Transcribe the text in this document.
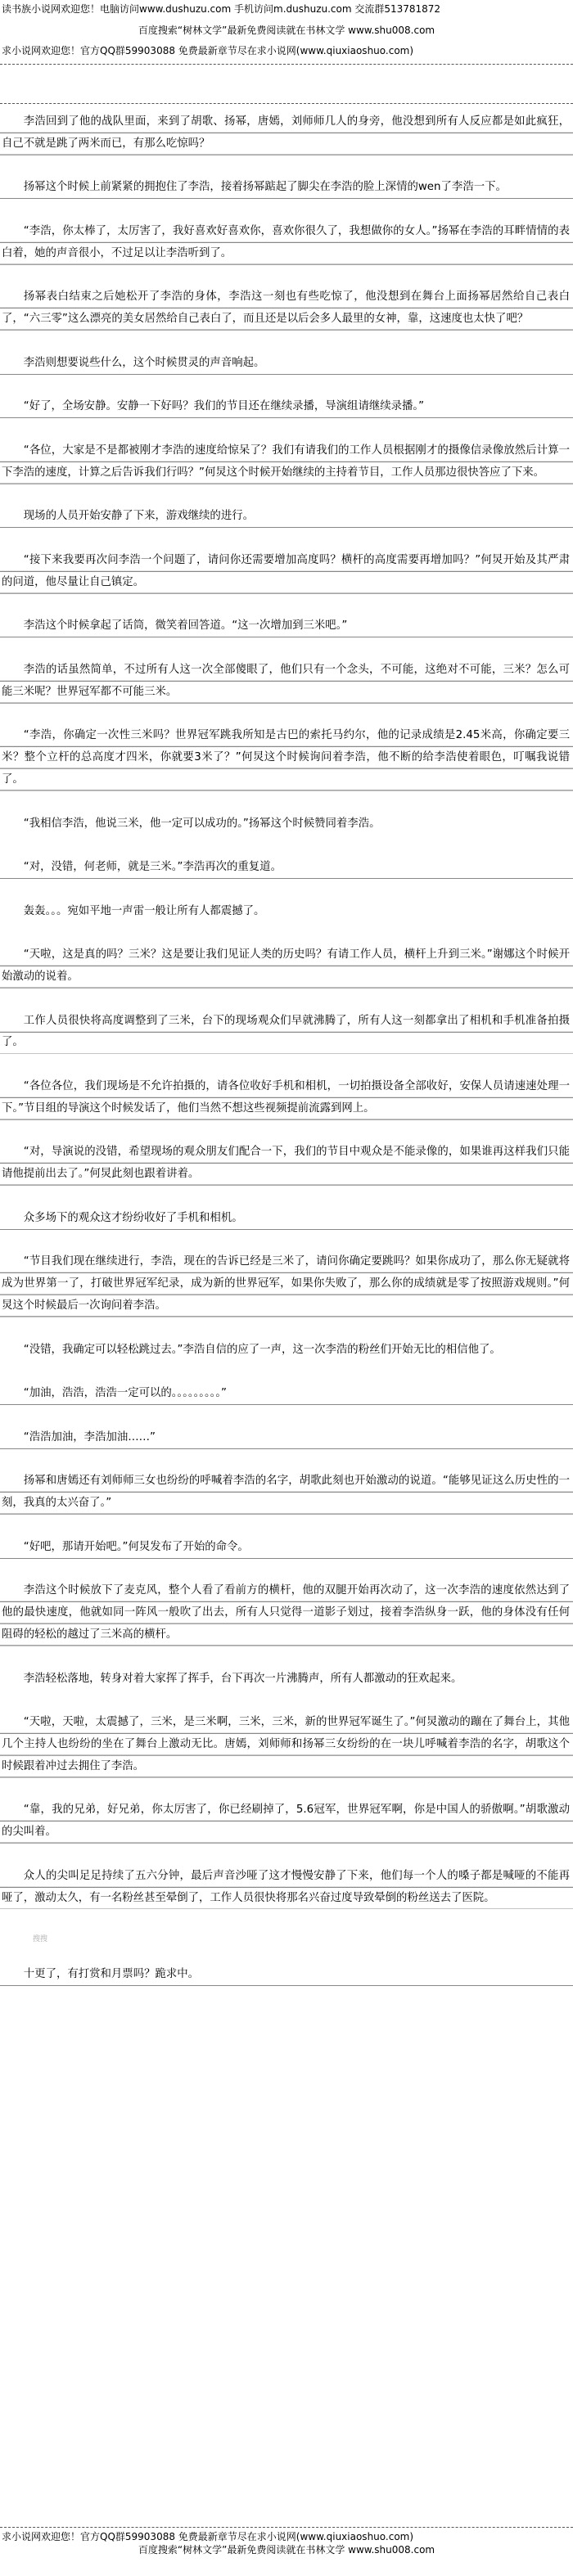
读书族小说网欢迎您！电脑访问www.dushuzu.com 手机访问m.dushuzu.com 交流群513781872
百度搜索“树林文学”最新免费阅读就在书林文学 www.shu008.com
求小说网欢迎您！官方QQ群59903088 免费最新章节尽在求小说网(www.qiuxiaoshuo.com)

李浩回到了他的战队里面，来到了胡歌、扬幂，唐嫣，刘师师几人的身旁，他没想到所有人反应都是如此疯狂，自己不就是跳了两米而已，有那么吃惊吗？

扬幂这个时候上前紧紧的拥抱住了李浩，接着扬幂踮起了脚尖在李浩的脸上深情的wen了李浩一下。

“李浩，你太棒了，太厉害了，我好喜欢好喜欢你，喜欢你很久了，我想做你的女人。”扬幂在李浩的耳畔情情的表白着，她的声音很小，不过足以让李浩听到了。

扬幂表白结束之后她松开了李浩的身体，李浩这一刻也有些吃惊了，他没想到在舞台上面扬幂居然给自己表白了，“六三零”这么漂亮的美女居然给自己表白了，而且还是以后会多人最里的女神，靠，这速度也太快了吧？

李浩则想要说些什么，这个时候贯灵的声音响起。

“好了，全场安静。安静一下好吗？我们的节目还在继续录播，导演组请继续录播。”

“各位，大家是不是都被刚才李浩的速度给惊呆了？我们有请我们的工作人员根据刚才的摄像信录像放然后计算一下李浩的速度，计算之后告诉我们行吗？”何炅这个时候开始继续的主持着节目，工作人员那边很快答应了下来。

现场的人员开始安静了下来，游戏继续的进行。

“接下来我要再次问李浩一个问题了，请问你还需要增加高度吗？横杆的高度需要再增加吗？”何炅开始及其严肃的问道，他尽量让自己镇定。

李浩这个时候拿起了话筒，微笑着回答道。“这一次增加到三米吧。”

李浩的话虽然简单，不过所有人这一次全部傻眼了，他们只有一个念头，不可能，这绝对不可能，三米？怎么可能三米呢？世界冠军都不可能三米。

“李浩，你确定一次性三米吗？世界冠军跳我所知是古巴的索托马约尔，他的记录成绩是2.45米高，你确定要三米？整个立杆的总高度才四米，你就要3米了？”何炅这个时候询问着李浩，他不断的给李浩使着眼色，叮嘱我说错了。

“我相信李浩，他说三米，他一定可以成功的。”扬幂这个时候赞同着李浩。

“对，没错，何老师，就是三米。”李浩再次的重复道。

轰轰。。。宛如平地一声雷一般让所有人都震撼了。

“天啦，这是真的吗？三米？这是要让我们见证人类的历史吗？有请工作人员，横杆上升到三米。”谢娜这个时候开始激动的说着。

工作人员很快将高度调整到了三米，台下的现场观众们早就沸腾了，所有人这一刻都拿出了相机和手机准备拍摄了。

“各位各位，我们现场是不允许拍摄的，请各位收好手机和相机，一切拍摄设备全部收好，安保人员请速速处理一下。”节目组的导演这个时候发话了，他们当然不想这些视频提前流露到网上。

“对，导演说的没错，希望现场的观众朋友们配合一下，我们的节目中观众是不能录像的，如果谁再这样我们只能请他提前出去了。”何炅此刻也跟着讲着。

众多场下的观众这才纷纷收好了手机和相机。

“节目我们现在继续进行，李浩，现在的告诉已经是三米了，请问你确定要跳吗？如果你成功了，那么你无疑就将成为世界第一了，打破世界冠军纪录，成为新的世界冠军，如果你失败了，那么你的成绩就是零了按照游戏规则。”何炅这个时候最后一次询问着李浩。

“没错，我确定可以轻松跳过去。”李浩自信的应了一声，这一次李浩的粉丝们开始无比的相信他了。

“加油，浩浩，浩浩一定可以的。。。。。。。。。”

“浩浩加油，李浩加油……”

扬幂和唐嫣还有刘师师三女也纷纷的呼喊着李浩的名字，胡歌此刻也开始激动的说道。“能够见证这么历史性的一刻，我真的太兴奋了。”

“好吧，那请开始吧。”何炅发布了开始的命令。

李浩这个时候放下了麦克风，整个人看了看前方的横杆，他的双腿开始再次动了，这一次李浩的速度依然达到了他的最快速度，他就如同一阵风一般吹了出去，所有人只觉得一道影子划过，接着李浩纵身一跃，他的身体没有任何阻碍的轻松的越过了三米高的横杆。

李浩轻松落地，转身对着大家挥了挥手，台下再次一片沸腾声，所有人都激动的狂欢起来。

“天啦，天啦，太震撼了，三米，是三米啊，三米，三米，新的世界冠军诞生了。”何炅激动的蹦在了舞台上，其他几个主持人也纷纷的坐在了舞台上激动无比。唐嫣，刘师师和扬幂三女纷纷的在一块儿呼喊着李浩的名字，胡歌这个时候跟着冲过去拥住了李浩。

“靠，我的兄弟，好兄弟，你太厉害了，你已经刷掉了，5.6冠军，世界冠军啊，你是中国人的骄傲啊。”胡歌激动的尖叫着。

众人的尖叫足足持续了五六分钟，最后声音沙哑了这才慢慢安静了下来，他们每一个人的嗓子都是喊哑的不能再哑了，激动太久，有一名粉丝甚至晕倒了，工作人员很快将那名兴奋过度导致晕倒的粉丝送去了医院。

搜搜

十更了，有打赏和月票吗？跪求中。

求小说网欢迎您！官方QQ群59903088 免费最新章节尽在求小说网(www.qiuxiaoshuo.com)
百度搜索“树林文学”最新免费阅读就在书林文学 www.shu008.com
